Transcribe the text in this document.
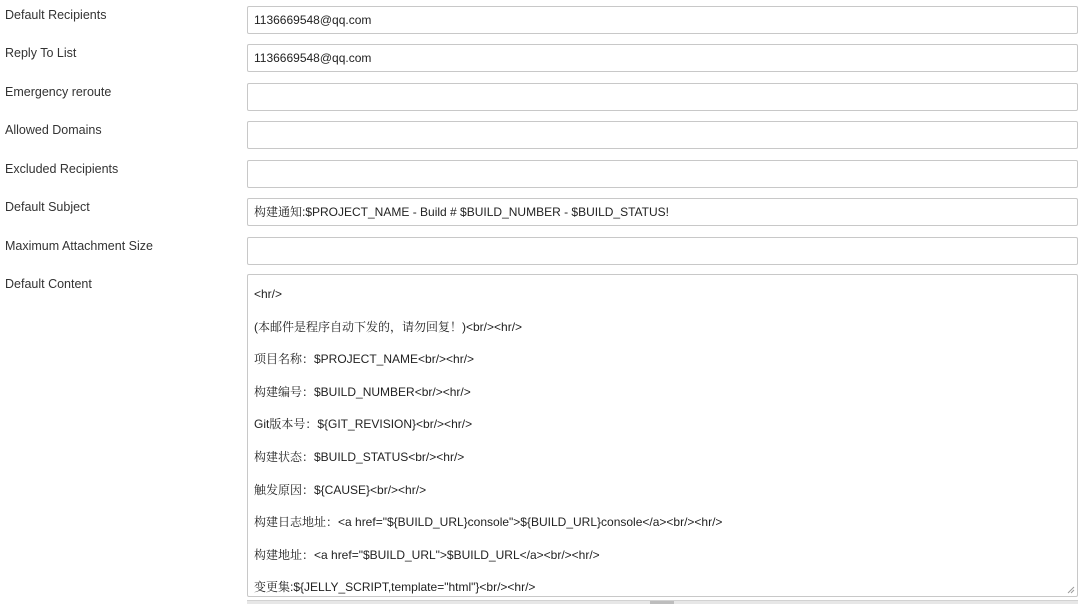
Default Recipients	1136669548@qq.com
Reply To List	1136669548@qq.com
Emergency reroute
Allowed Domains
Excluded Recipients
Default Subject	构建通知:$PROJECT_NAME - Build # $BUILD_NUMBER - $BUILD_STATUS!
Maximum Attachment Size
Default Content
<hr/>
(本邮件是程序自动下发的，请勿回复！)<br/><hr/>
项目名称：$PROJECT_NAME<br/><hr/>
构建编号：$BUILD_NUMBER<br/><hr/>
Git版本号：${GIT_REVISION}<br/><hr/>
构建状态：$BUILD_STATUS<br/><hr/>
触发原因：${CAUSE}<br/><hr/>
构建日志地址：<a href="${BUILD_URL}console">${BUILD_URL}console</a><br/><hr/>
构建地址：<a href="$BUILD_URL">$BUILD_URL</a><br/><hr/>
变更集:${JELLY_SCRIPT,template="html"}<br/><hr/>
